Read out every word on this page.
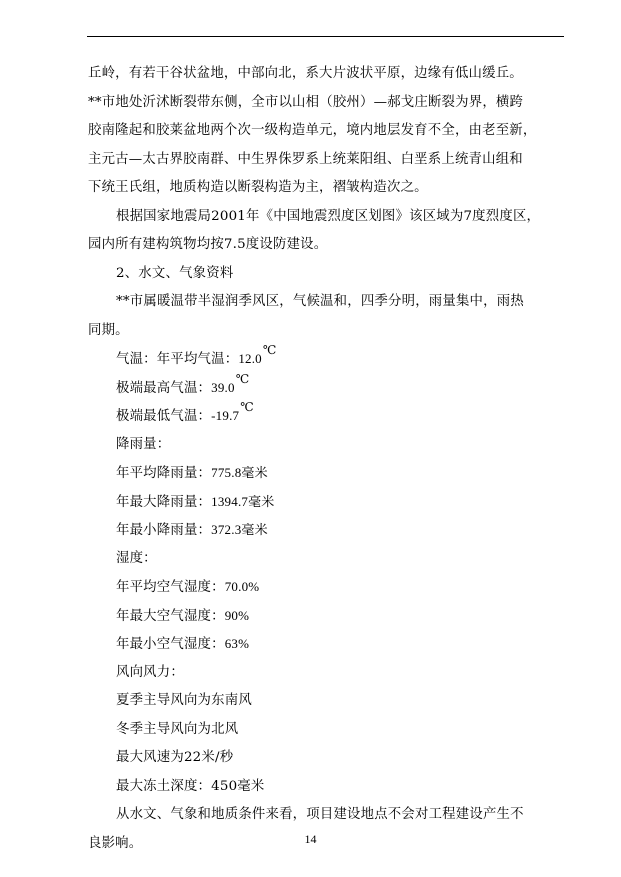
丘岭，有若干谷状盆地，中部向北，系大片波状平原，边缘有低山缓丘。
**市地处沂沭断裂带东侧，全市以山相（胶州）—郝戈庄断裂为界，横跨
胶南隆起和胶莱盆地两个次一级构造单元，境内地层发育不全，由老至新，
主元古—太古界胶南群、中生界侏罗系上统莱阳组、白垩系上统青山组和
下统王氏组，地质构造以断裂构造为主，褶皱构造次之。
根据国家地震局2001年《中国地震烈度区划图》该区域为7度烈度区，
园内所有建构筑物均按7.5度设防建设。
2、水文、气象资料
**市属暖温带半湿润季风区，气候温和，四季分明，雨量集中，雨热
同期。
气温：年平均气温：12.0℃
极端最高气温：39.0℃
极端最低气温：-19.7℃
降雨量：
年平均降雨量：775.8毫米
年最大降雨量：1394.7毫米
年最小降雨量：372.3毫米
湿度：
年平均空气湿度：70.0%
年最大空气湿度：90%
年最小空气湿度：63%
风向风力：
夏季主导风向为东南风
冬季主导风向为北风
最大风速为22米/秒
最大冻土深度：450毫米
从水文、气象和地质条件来看，项目建设地点不会对工程建设产生不
良影响。	14
